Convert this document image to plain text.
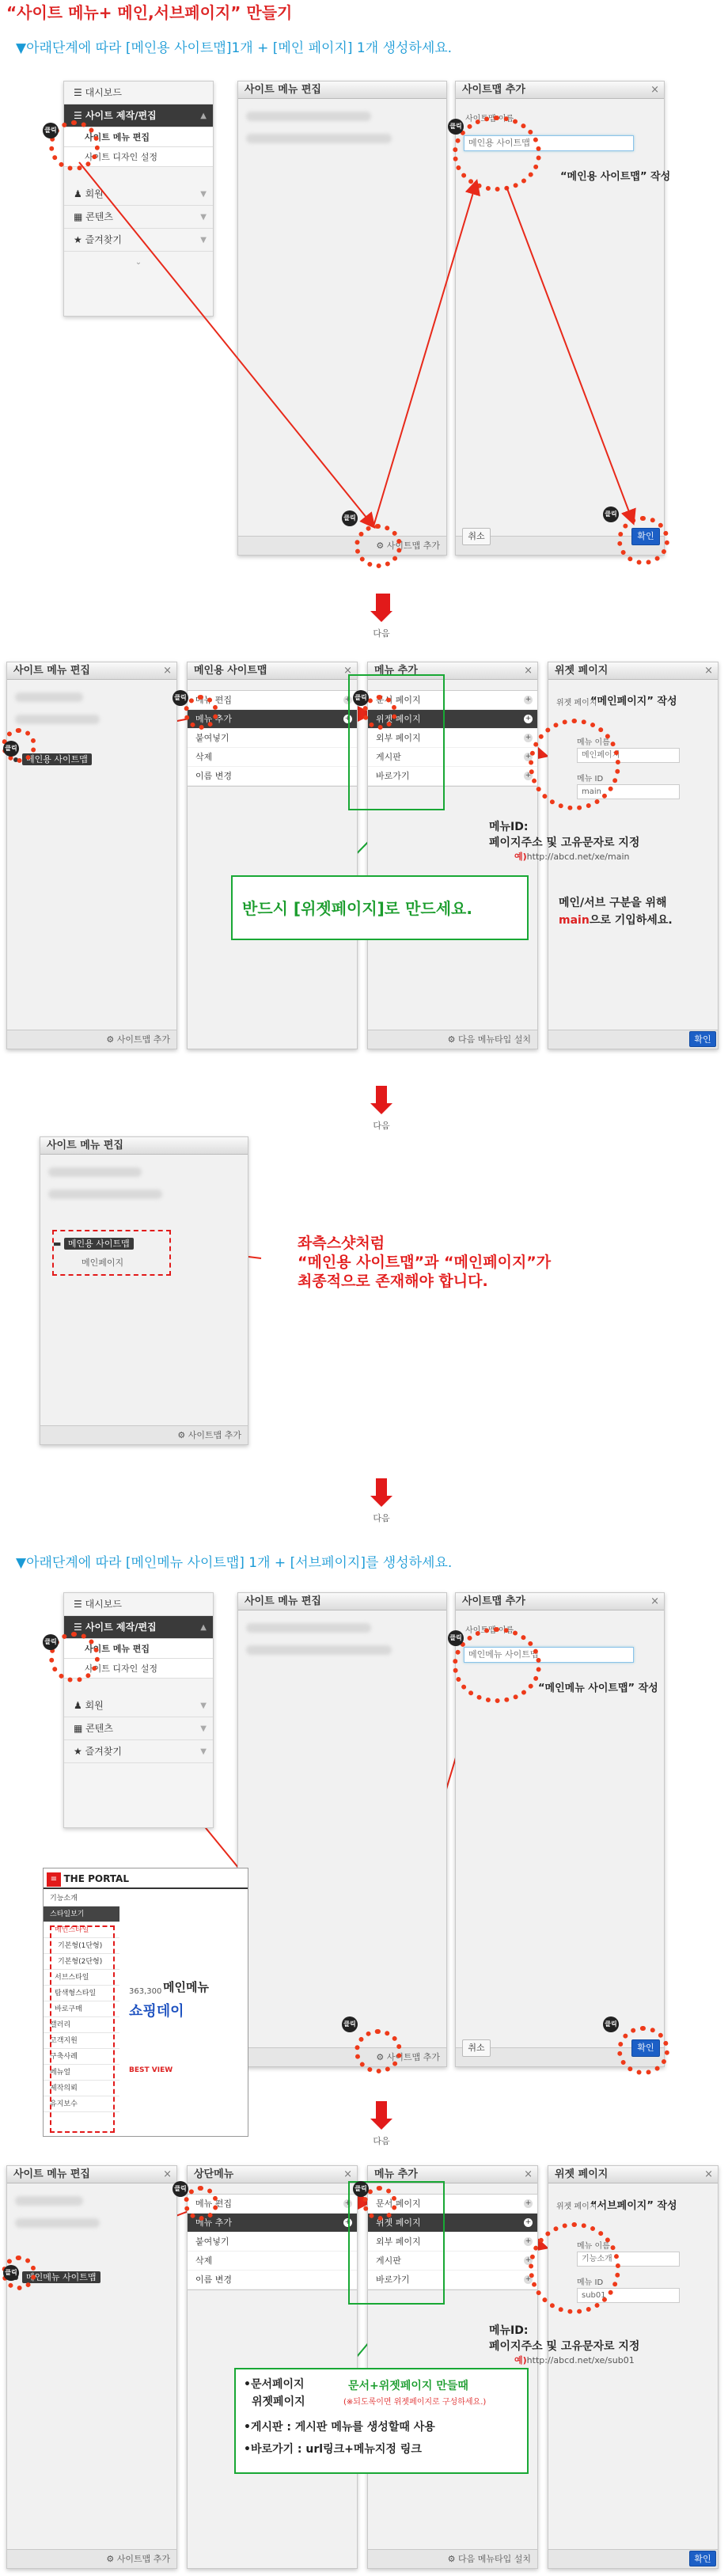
“사이트 메뉴+ 메인,서브페이지” 만들기
▼아래단계에 따라 [메인용 사이트맵]1개 + [메인 페이지] 1개 생성하세요.
☰ 대시보드
☰ 사이트 제작/편집	▲
사이트 메뉴 편집
사이트 디자인 설정
♟ 회원	▼
▦ 콘텐츠	▼
★ 즐겨찾기	▼
⌄
사이트 메뉴 편집
⚙ 사이트맵 추가
사이트맵 추가	×
사이트맵 이름
메인용 사이트맵
취소	확인
“메인용 사이트맵” 작성
클릭
클릭
클릭
클릭
다음
사이트 메뉴 편집	×
메인용 사이트맵
⚙ 사이트맵 추가
메인용 사이트맵	×
메뉴 편집	+
메뉴 추가	+
붙여넣기
삭제
이름 변경
메뉴 추가	×
⚙ 다음 메뉴타입 설치
문서 페이지	+
위젯 페이지	+
외부 페이지	+
게시판	+
바로가기	+
위젯 페이지	×
위젯 페이지
메뉴 이름
메인페이지
메뉴 ID
main
확인
“메인페이지” 작성
반드시 [위젯페이지]로 만드세요.
메뉴ID:
페이지주소 및 고유문자로 지정
예)http://abcd.net/xe/main
메인/서브 구분을 위해
main으로 기입하세요.
클릭
클릭	클릭
다음
사이트 메뉴 편집
▬ 메인용 사이트맵
메인페이지
⚙ 사이트맵 추가
좌측스샷처럼
“메인용 사이트맵”과 “메인페이지”가
최종적으로 존재해야 합니다.
다음
▼아래단계에 따라 [메인메뉴 사이트맵] 1개 + [서브페이지]를 생성하세요.
☰ 대시보드
☰ 사이트 제작/편집	▲
사이트 메뉴 편집
사이트 디자인 설정
♟ 회원	▼
▦ 콘텐츠	▼
★ 즐겨찾기	▼
사이트 메뉴 편집
⚙ 사이트맵 추가
사이트맵 추가	×
사이트맵 이름
메인메뉴 사이트맵
취소	확인
“메인메뉴 사이트맵” 작성
클릭
클릭
클릭	클릭
≡ THE PORTAL
기능소개
스타일보기
메인스타일
기본형(1단형)
기본형(2단형)
서브스타일
탐색형스타일
바로구매
갤러리
고객지원
구축사례
메뉴얼
제작의뢰
유지보수
363,300
쇼핑데이
BEST VIEW
메인메뉴
다음
사이트 메뉴 편집	×
메인메뉴 사이트맵
⚙ 사이트맵 추가
상단메뉴	×
메뉴 편집	+
메뉴 추가	+
붙여넣기
삭제
이름 변경
메뉴 추가	×
⚙ 다음 메뉴타입 설치
문서 페이지	+
위젯 페이지	+
외부 페이지	+
게시판	+
바로가기	+
위젯 페이지	×
위젯 페이지
메뉴 이름
기능소개
메뉴 ID
sub01
확인
“서브페이지” 작성
메뉴ID:
페이지주소 및 고유문자로 지정
예)http://abcd.net/xe/sub01
•문서페이지
위젯페이지
문서+위젯페이지 만들때
(※되도록이면 위젯페이지로 구성하세요.)
•게시판 : 게시판 메뉴를 생성할때 사용
•바로가기 : url링크+메뉴지정 링크
클릭
클릭	클릭
